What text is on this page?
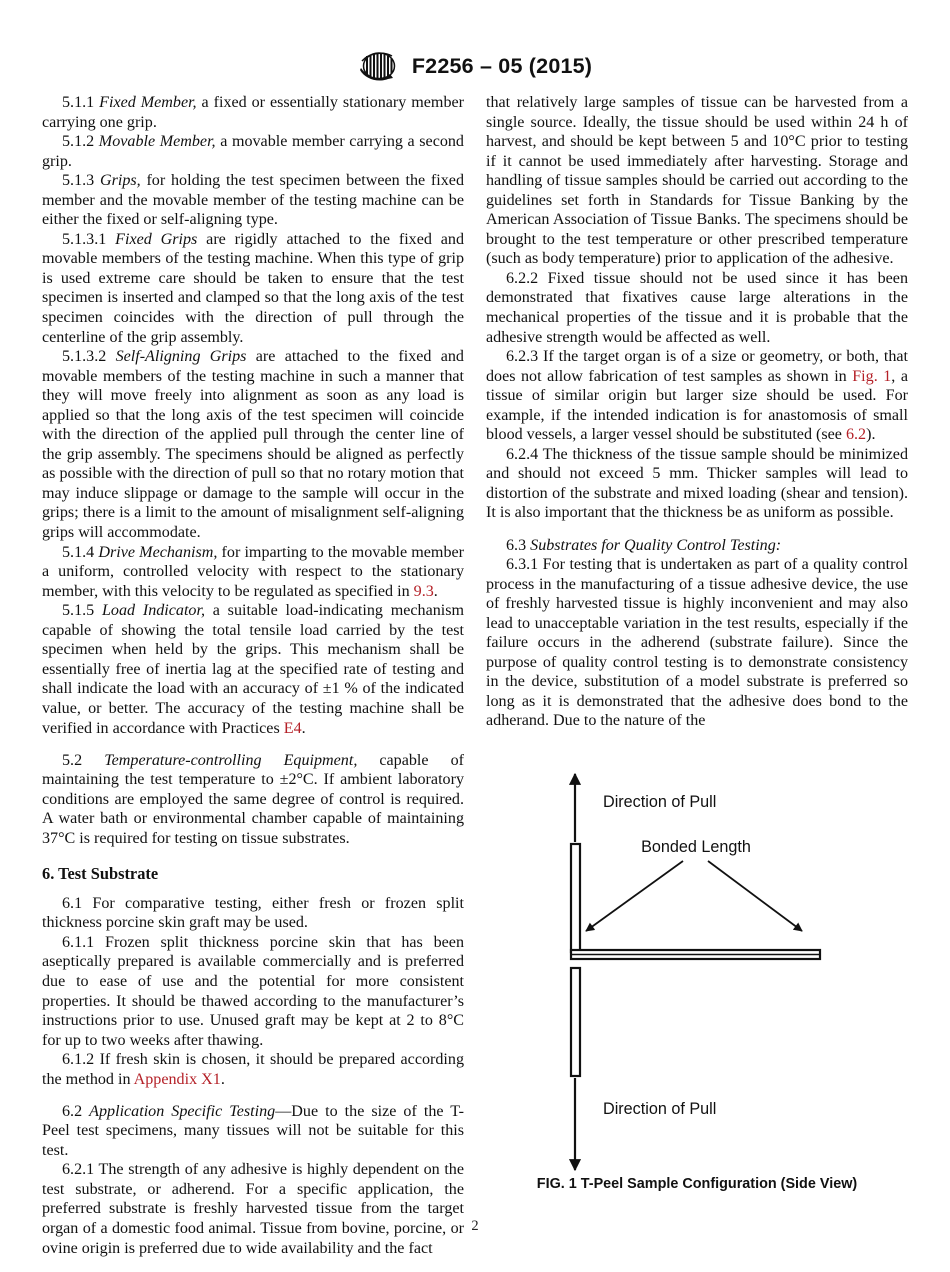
F2256 – 05 (2015)

5.1.1 Fixed Member, a fixed or essentially stationary member carrying one grip.

5.1.2 Movable Member, a movable member carrying a second grip.

5.1.3 Grips, for holding the test specimen between the fixed member and the movable member of the testing machine can be either the fixed or self-aligning type.

5.1.3.1 Fixed Grips are rigidly attached to the fixed and movable members of the testing machine. When this type of grip is used extreme care should be taken to ensure that the test specimen is inserted and clamped so that the long axis of the test specimen coincides with the direction of pull through the centerline of the grip assembly.

5.1.3.2 Self-Aligning Grips are attached to the fixed and movable members of the testing machine in such a manner that they will move freely into alignment as soon as any load is applied so that the long axis of the test specimen will coincide with the direction of the applied pull through the center line of the grip assembly. The specimens should be aligned as perfectly as possible with the direction of pull so that no rotary motion that may induce slippage or damage to the sample will occur in the grips; there is a limit to the amount of misalignment self-aligning grips will accommodate.

5.1.4 Drive Mechanism, for imparting to the movable member a uniform, controlled velocity with respect to the stationary member, with this velocity to be regulated as specified in 9.3.

5.1.5 Load Indicator, a suitable load-indicating mechanism capable of showing the total tensile load carried by the test specimen when held by the grips. This mechanism shall be essentially free of inertia lag at the specified rate of testing and shall indicate the load with an accuracy of ±1 % of the indicated value, or better. The accuracy of the testing machine shall be verified in accordance with Practices E4.

5.2 Temperature-controlling Equipment, capable of maintaining the test temperature to ±2°C. If ambient laboratory conditions are employed the same degree of control is required. A water bath or environmental chamber capable of maintaining 37°C is required for testing on tissue substrates.

6. Test Substrate

6.1 For comparative testing, either fresh or frozen split thickness porcine skin graft may be used.

6.1.1 Frozen split thickness porcine skin that has been aseptically prepared is available commercially and is preferred due to ease of use and the potential for more consistent properties. It should be thawed according to the manufacturer’s instructions prior to use. Unused graft may be kept at 2 to 8°C for up to two weeks after thawing.

6.1.2 If fresh skin is chosen, it should be prepared according the method in Appendix X1.

6.2 Application Specific Testing—Due to the size of the T-Peel test specimens, many tissues will not be suitable for this test.

6.2.1 The strength of any adhesive is highly dependent on the test substrate, or adherend. For a specific application, the preferred substrate is freshly harvested tissue from the target organ of a domestic food animal. Tissue from bovine, porcine, or ovine origin is preferred due to wide availability and the fact

that relatively large samples of tissue can be harvested from a single source. Ideally, the tissue should be used within 24 h of harvest, and should be kept between 5 and 10°C prior to testing if it cannot be used immediately after harvesting. Storage and handling of tissue samples should be carried out according to the guidelines set forth in Standards for Tissue Banking by the American Association of Tissue Banks. The specimens should be brought to the test temperature or other prescribed temperature (such as body temperature) prior to application of the adhesive.

6.2.2 Fixed tissue should not be used since it has been demonstrated that fixatives cause large alterations in the mechanical properties of the tissue and it is probable that the adhesive strength would be affected as well.

6.2.3 If the target organ is of a size or geometry, or both, that does not allow fabrication of test samples as shown in Fig. 1, a tissue of similar origin but larger size should be used. For example, if the intended indication is for anastomosis of small blood vessels, a larger vessel should be substituted (see 6.2).

6.2.4 The thickness of the tissue sample should be minimized and should not exceed 5 mm. Thicker samples will lead to distortion of the substrate and mixed loading (shear and tension). It is also important that the thickness be as uniform as possible.

6.3 Substrates for Quality Control Testing:

6.3.1 For testing that is undertaken as part of a quality control process in the manufacturing of a tissue adhesive device, the use of freshly harvested tissue is highly inconvenient and may also lead to unacceptable variation in the test results, especially if the failure occurs in the adherend (substrate failure). Since the purpose of quality control testing is to demonstrate consistency in the device, substitution of a model substrate is preferred so long as it is demonstrated that the adhesive does bond to the adherand. Due to the nature of the

Direction of Pull
Bonded Length
Direction of Pull
FIG. 1 T-Peel Sample Configuration (Side View)
2
